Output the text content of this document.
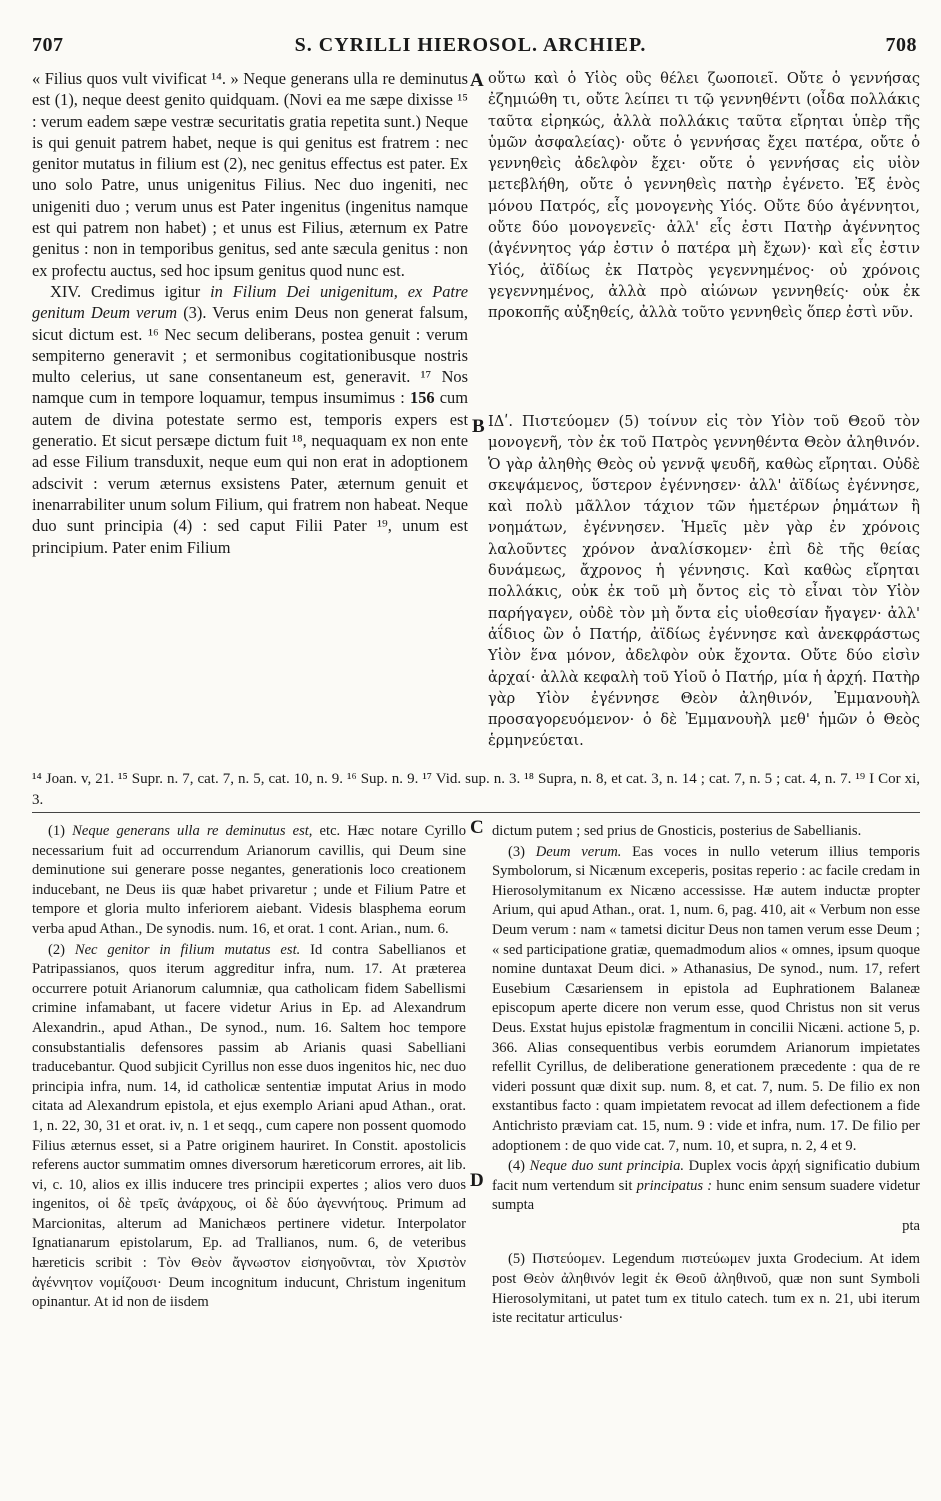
707	S. CYRILLI HIEROSOL. ARCHIEP.	708
A
B
C
D

« Filius quos vult vivificat ¹⁴. » Neque generans ulla re deminutus est (1), neque deest genito quidquam. (Novi ea me sæpe dixisse ¹⁵ : verum eadem sæpe vestræ securitatis gratia repetita sunt.) Neque is qui genuit patrem habet, neque is qui genitus est fratrem : nec genitor mutatus in filium est (2), nec genitus effectus est pater. Ex uno solo Patre, unus unigenitus Filius. Nec duo ingeniti, nec unigeniti duo ; verum unus est Pater ingenitus (ingenitus namque est qui patrem non habet) ; et unus est Filius, æternum ex Patre genitus : non in temporibus genitus, sed ante sæcula genitus : non ex profectu auctus, sed hoc ipsum genitus quod nunc est.

XIV. Credimus igitur in Filium Dei unigenitum, ex Patre genitum Deum verum (3). Verus enim Deus non generat falsum, sicut dictum est. ¹⁶ Nec secum deliberans, postea genuit : verum sempiterno generavit ; et sermonibus cogitationibusque nostris multo celerius, ut sane consentaneum est, generavit. ¹⁷ Nos namque cum in tempore loquamur, tempus insumimus : 156 cum autem de divina potestate sermo est, temporis expers est generatio. Et sicut persæpe dictum fuit ¹⁸, nequaquam ex non ente ad esse Filium transduxit, neque eum qui non erat in adoptionem adscivit : verum æternus exsistens Pater, æternum genuit et inenarrabiliter unum solum Filium, qui fratrem non habeat. Neque duo sunt principia (4) : sed caput Filii Pater ¹⁹, unum est principium. Pater enim Filium

οὕτω καὶ ὁ Υἱὸς οὓς θέλει ζωοποιεῖ. Οὔτε ὁ γεννήσας ἐζημιώθη τι, οὔτε λείπει τι τῷ γεννηθέντι (οἶδα πολλάκις ταῦτα εἰρηκώς, ἀλλὰ πολλάκις ταῦτα εἴρηται ὑπὲρ τῆς ὑμῶν ἀσφαλείας)· οὔτε ὁ γεννήσας ἔχει πατέρα, οὔτε ὁ γεννηθεὶς ἀδελφὸν ἔχει· οὔτε ὁ γεννήσας εἰς υἱὸν μετεβλήθη, οὔτε ὁ γεννηθεὶς πατὴρ ἐγένετο. Ἐξ ἑνὸς μόνου Πατρός, εἷς μονογενὴς Υἱός. Οὔτε δύο ἀγέννητοι, οὔτε δύο μονογενεῖς· ἀλλ' εἷς ἐστι Πατὴρ ἀγέννητος (ἀγέννητος γάρ ἐστιν ὁ πατέρα μὴ ἔχων)· καὶ εἷς ἐστιν Υἱός, ἀϊδίως ἐκ Πατρὸς γεγεννημένος· οὐ χρόνοις γεγεννημένος, ἀλλὰ πρὸ αἰώνων γεννηθείς· οὐκ ἐκ προκοπῆς αὐξηθείς, ἀλλὰ τοῦτο γεννηθεὶς ὅπερ ἐστὶ νῦν.
ΙΔʹ. Πιστεύομεν (5) τοίνυν εἰς τὸν Υἱὸν τοῦ Θεοῦ τὸν μονογενῆ, τὸν ἐκ τοῦ Πατρὸς γεννηθέντα Θεὸν ἀληθινόν. Ὁ γὰρ ἀληθὴς Θεὸς οὐ γεννᾷ ψευδῆ, καθὼς εἴρηται. Οὐδὲ σκεψάμενος, ὕστερον ἐγέννησεν· ἀλλ' ἀϊδίως ἐγέννησε, καὶ πολὺ μᾶλλον τάχιον τῶν ἡμετέρων ῥημάτων ἢ νοημάτων, ἐγέννησεν. Ἡμεῖς μὲν γὰρ ἐν χρόνοις λαλοῦντες χρόνον ἀναλίσκομεν· ἐπὶ δὲ τῆς θείας δυνάμεως, ἄχρονος ἡ γέννησις. Καὶ καθὼς εἴρηται πολλάκις, οὐκ ἐκ τοῦ μὴ ὄντος εἰς τὸ εἶναι τὸν Υἱὸν παρήγαγεν, οὐδὲ τὸν μὴ ὄντα εἰς υἱοθεσίαν ἤγαγεν· ἀλλ' ἀΐδιος ὢν ὁ Πατήρ, ἀϊδίως ἐγέννησε καὶ ἀνεκφράστως Υἱὸν ἕνα μόνον, ἀδελφὸν οὐκ ἔχοντα. Οὔτε δύο εἰσὶν ἀρχαί· ἀλλὰ κεφαλὴ τοῦ Υἱοῦ ὁ Πατήρ, μία ἡ ἀρχή. Πατὴρ γὰρ Υἱὸν ἐγέννησε Θεὸν ἀληθινόν, Ἐμμανουὴλ προσαγορευόμενον· ὁ δὲ Ἐμμανουὴλ μεθ' ἡμῶν ὁ Θεὸς ἑρμηνεύεται.
¹⁴ Joan. v, 21. ¹⁵ Supr. n. 7, cat. 7, n. 5, cat. 10, n. 9. ¹⁶ Sup. n. 9. ¹⁷ Vid. sup. n. 3. ¹⁸ Supra, n. 8, et cat. 3, n. 14 ; cat. 7, n. 5 ; cat. 4, n. 7. ¹⁹ I Cor xi, 3.

(1) Neque generans ulla re deminutus est, etc. Hæc notare Cyrillo necessarium fuit ad occurrendum Arianorum cavillis, qui Deum sine deminutione sui generare posse negantes, generationis loco creationem inducebant, ne Deus iis quæ habet privaretur ; unde et Filium Patre et tempore et gloria multo inferiorem aiebant. Videsis blasphema eorum verba apud Athan., De synodis. num. 16, et orat. 1 cont. Arian., num. 6.

(2) Nec genitor in filium mutatus est. Id contra Sabellianos et Patripassianos, quos iterum aggreditur infra, num. 17. At præterea occurrere potuit Arianorum calumniæ, qua catholicam fidem Sabellismi crimine infamabant, ut facere videtur Arius in Ep. ad Alexandrum Alexandrin., apud Athan., De synod., num. 16. Saltem hoc tempore consubstantialis defensores passim ab Arianis quasi Sabelliani traducebantur. Quod subjicit Cyrillus non esse duos ingenitos hic, nec duo principia infra, num. 14, id catholicæ sententiæ imputat Arius in modo citata ad Alexandrum epistola, et ejus exemplo Ariani apud Athan., orat. 1, n. 22, 30, 31 et orat. iv, n. 1 et seqq., cum capere non possent quomodo Filius æternus esset, si a Patre originem hauriret. In Constit. apostolicis referens auctor summatim omnes diversorum hæreticorum errores, ait lib. vi, c. 10, alios ex illis inducere tres principii expertes ; alios vero duos ingenitos, οἱ δὲ τρεῖς ἀνάρχους, οἱ δὲ δύο ἀγεννήτους. Primum ad Marcionitas, alterum ad Manichæos pertinere videtur. Interpolator Ignatianarum epistolarum, Ep. ad Trallianos, num. 6, de veteribus hæreticis scribit : Τὸν Θεὸν ἄγνωστον εἰσηγοῦνται, τὸν Χριστὸν ἀγέννητον νομίζουσι· Deum incognitum inducunt, Christum ingenitum opinantur. At id non de iisdem

dictum putem ; sed prius de Gnosticis, posterius de Sabellianis.

(3) Deum verum. Eas voces in nullo veterum illius temporis Symbolorum, si Nicænum exceperis, positas reperio : ac facile credam in Hierosolymitanum ex Nicæno accessisse. Hæ autem inductæ propter Arium, qui apud Athan., orat. 1, num. 6, pag. 410, ait « Verbum non esse Deum verum : nam « tametsi dicitur Deus non tamen verum esse Deum ; « sed participatione gratiæ, quemadmodum alios « omnes, ipsum quoque nomine duntaxat Deum dici. » Athanasius, De synod., num. 17, refert Eusebium Cæsariensem in epistola ad Euphrationem Balaneæ episcopum aperte dicere non verum esse, quod Christus non sit verus Deus. Exstat hujus epistolæ fragmentum in concilii Nicæni. actione 5, p. 366. Alias consequentibus verbis eorumdem Arianorum impietates refellit Cyrillus, de deliberatione generationem præcedente : qua de re videri possunt quæ dixit sup. num. 8, et cat. 7, num. 5. De filio ex non exstantibus facto : quam impietatem revocat ad illem defectionem a fide Antichristo præviam cat. 15, num. 9 : vide et infra, num. 17. De filio per adoptionem : de quo vide cat. 7, num. 10, et supra, n. 2, 4 et 9.

(4) Neque duo sunt principia. Duplex vocis ἀρχή significatio dubium facit num vertendum sit principatus : hunc enim sensum suadere videtur sumpta

pta

(5) Πιστεύομεν. Legendum πιστεύωμεν juxta Grodecium. At idem post Θεὸν ἀληθινόν legit ἐκ Θεοῦ ἀληθινοῦ, quæ non sunt Symboli Hierosolymitani, ut patet tum ex titulo catech. tum ex n. 21, ubi iterum iste recitatur articulus·
